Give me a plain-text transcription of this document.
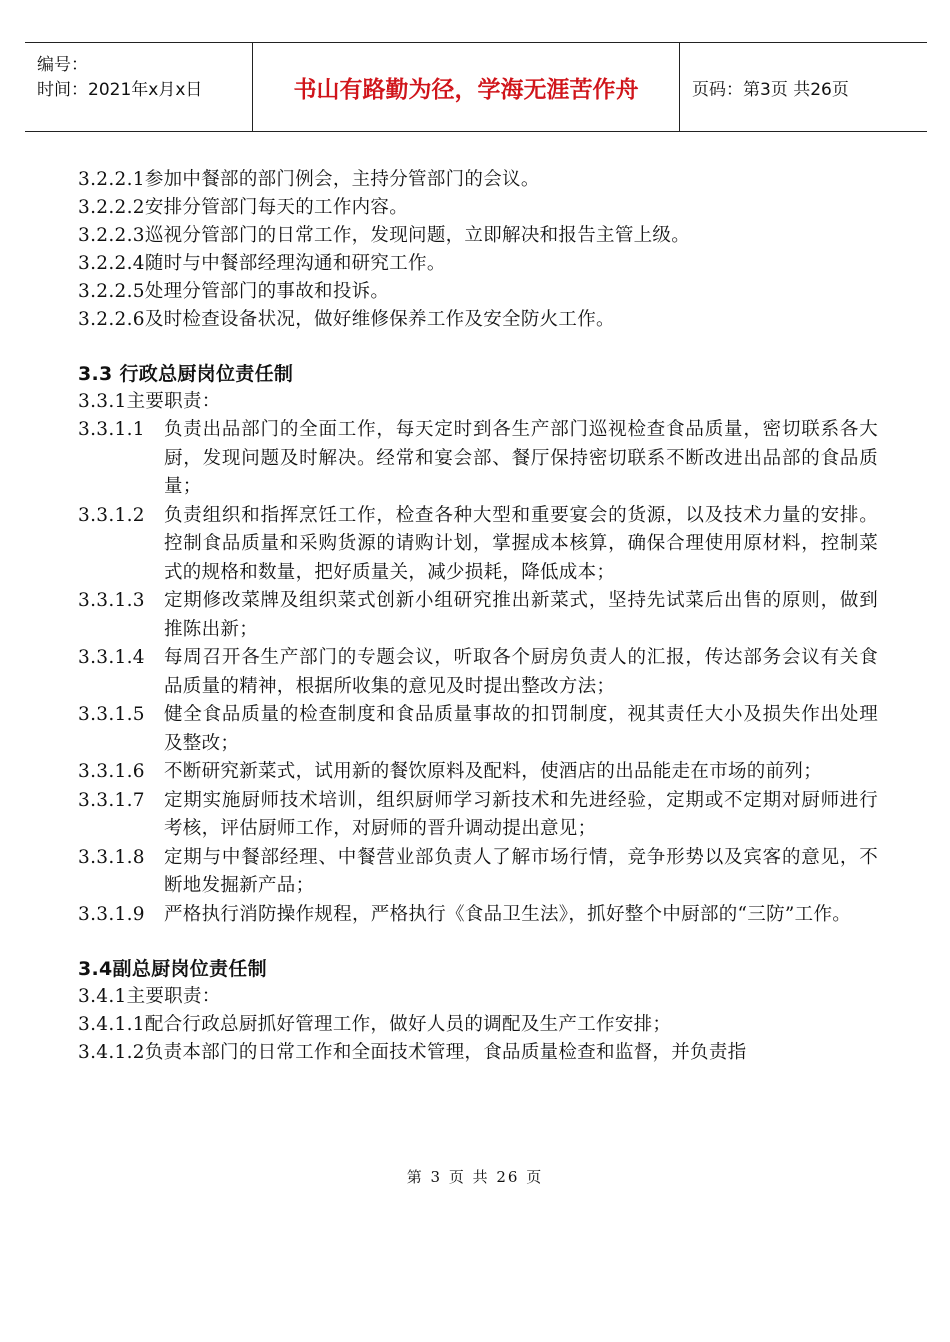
编号：
时间：2021年x月x日	书山有路勤为径，学海无涯苦作舟	页码：第3页 共26页
3.2.2.1参加中餐部的部门例会，主持分管部门的会议。
3.2.2.2安排分管部门每天的工作内容。
3.2.2.3巡视分管部门的日常工作，发现问题，立即解决和报告主管上级。
3.2.2.4随时与中餐部经理沟通和研究工作。
3.2.2.5处理分管部门的事故和投诉。
3.2.2.6及时检查设备状况，做好维修保养工作及安全防火工作。
3.3 行政总厨岗位责任制
3.3.1主要职责：
3.3.1.1	负责出品部门的全面工作，每天定时到各生产部门巡视检查食品质量，密切联系各大厨，发现问题及时解决。经常和宴会部、餐厅保持密切联系不断改进出品部的食品质量；
3.3.1.2	负责组织和指挥烹饪工作，检查各种大型和重要宴会的货源，以及技术力量的安排。控制食品质量和采购货源的请购计划，掌握成本核算，确保合理使用原材料，控制菜式的规格和数量，把好质量关，减少损耗，降低成本；
3.3.1.3	定期修改菜牌及组织菜式创新小组研究推出新菜式，坚持先试菜后出售的原则，做到推陈出新；
3.3.1.4	每周召开各生产部门的专题会议，听取各个厨房负责人的汇报，传达部务会议有关食品质量的精神，根据所收集的意见及时提出整改方法；
3.3.1.5	健全食品质量的检查制度和食品质量事故的扣罚制度，视其责任大小及损失作出处理及整改；
3.3.1.6	不断研究新菜式，试用新的餐饮原料及配料，使酒店的出品能走在市场的前列；
3.3.1.7	定期实施厨师技术培训，组织厨师学习新技术和先进经验，定期或不定期对厨师进行考核，评估厨师工作，对厨师的晋升调动提出意见；
3.3.1.8	定期与中餐部经理、中餐营业部负责人了解市场行情，竞争形势以及宾客的意见，不断地发掘新产品；
3.3.1.9	严格执行消防操作规程，严格执行《食品卫生法》，抓好整个中厨部的“三防”工作。
3.4副总厨岗位责任制
3.4.1主要职责：
3.4.1.1配合行政总厨抓好管理工作，做好人员的调配及生产工作安排；
3.4.1.2负责本部门的日常工作和全面技术管理，食品质量检查和监督，并负责指
第 3 页 共 26 页
